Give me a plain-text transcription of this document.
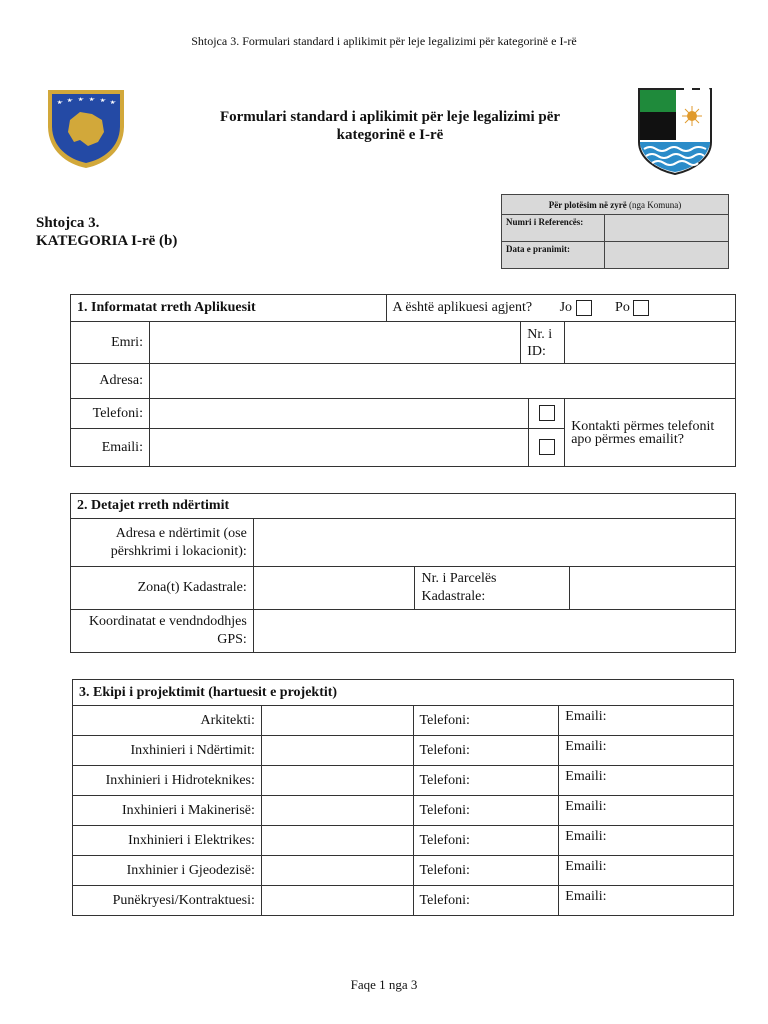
Shtojca 3. Formulari standard i aplikimit për leje legalizimi për kategorinë e I-rë
Formulari standard i aplikimit për leje legalizimi për
kategorinë e I-rë
Shtojca 3.
KATEGORIA I-rë (b)
Për plotësim në zyrë (nga Komuna)	
Numri i Referencës:	
Data e pranimit:	
1. Informatat rreth Aplikuesit		A është aplikuesi agjent? Jo Po			
Emri:			Nr. i ID:		
Adresa:					
Telefoni:					Kontakti përmes telefonit apo përmes emailit?
Emaili:					
2. Detajet rreth ndërtimit			
Adresa e ndërtimit (ose përshkrimi i lokacionit):			
Zona(t) Kadastrale:		Nr. i Parcelës Kadastrale:	
Koordinatat e vendndodhjes GPS:			
3. Ekipi i projektimit (hartuesit e projektit)			
Arkitekti:		Telefoni:	Emaili:
Inxhinieri i Ndërtimit:		Telefoni:	Emaili:
Inxhinieri i Hidroteknikes:		Telefoni:	Emaili:
Inxhinieri i Makinerisë:		Telefoni:	Emaili:
Inxhinieri i Elektrikes:		Telefoni:	Emaili:
Inxhinier i Gjeodezisë:		Telefoni:	Emaili:
Punëkryesi/Kontraktuesi:		Telefoni:	Emaili:
Faqe 1 nga 3
